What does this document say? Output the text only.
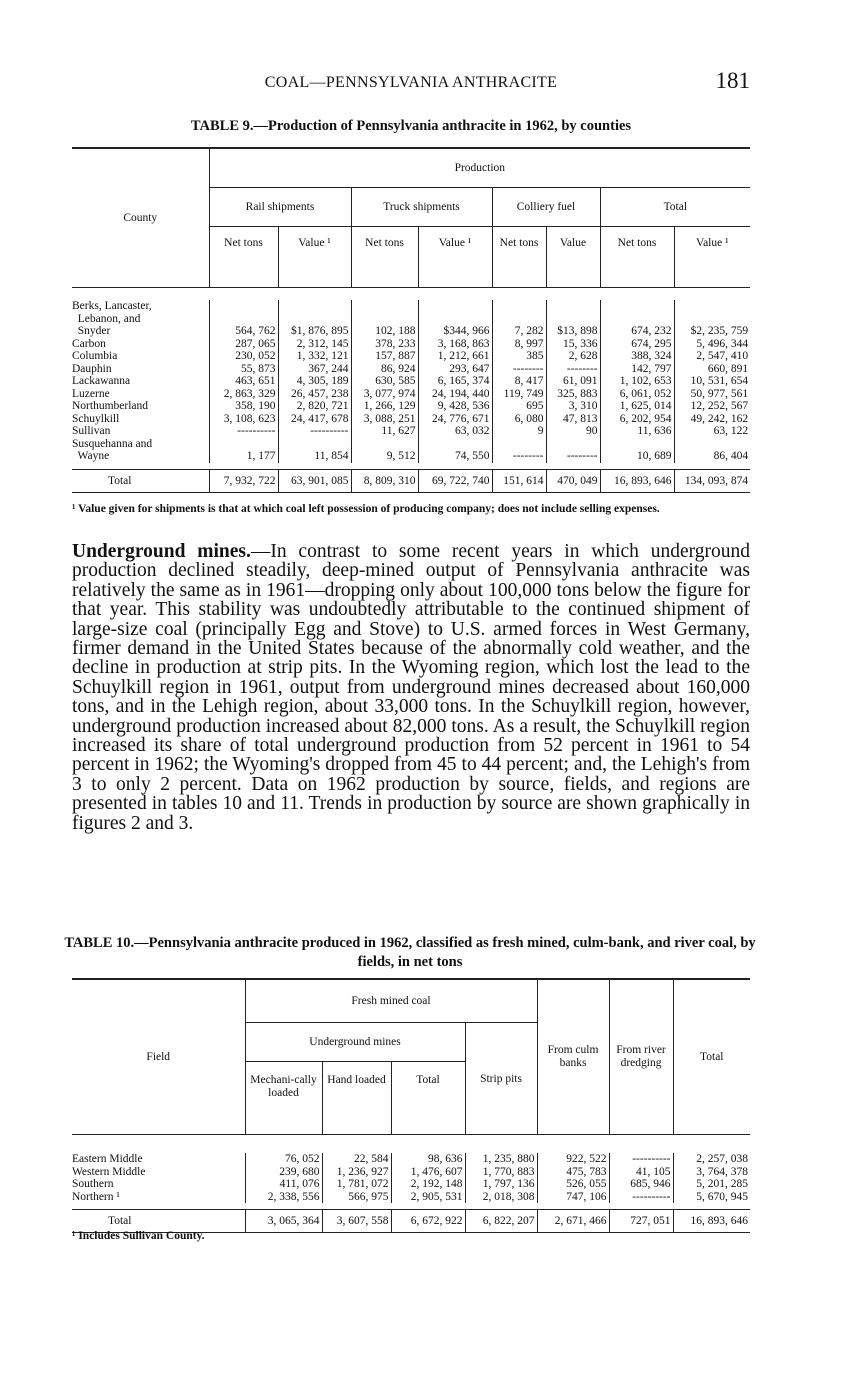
COAL—PENNSYLVANIA ANTHRACITE	181
TABLE 9.—Production of Pennsylvania anthracite in 1962, by counties
County	Production							
	Rail shipments		Truck shipments		Colliery fuel		Total	
	Net tons	Value ¹	Net tons	Value ¹	Net tons	Value	Net tons	Value ¹

Berks, Lancaster,								
Lebanon, and								
Snyder	564, 762	$1, 876, 895	102, 188	$344, 966	7, 282	$13, 898	674, 232	$2, 235, 759
Carbon	287, 065	2, 312, 145	378, 233	3, 168, 863	8, 997	15, 336	674, 295	5, 496, 344
Columbia	230, 052	1, 332, 121	157, 887	1, 212, 661	385	2, 628	388, 324	2, 547, 410
Dauphin	55, 873	367, 244	86, 924	293, 647	--------	--------	142, 797	660, 891
Lackawanna	463, 651	4, 305, 189	630, 585	6, 165, 374	8, 417	61, 091	1, 102, 653	10, 531, 654
Luzerne	2, 863, 329	26, 457, 238	3, 077, 974	24, 194, 440	119, 749	325, 883	6, 061, 052	50, 977, 561
Northumberland	358, 190	2, 820, 721	1, 266, 129	9, 428, 536	695	3, 310	1, 625, 014	12, 252, 567
Schuylkill	3, 108, 623	24, 417, 678	3, 088, 251	24, 776, 671	6, 080	47, 813	6, 202, 954	49, 242, 162
Sullivan	----------	----------	11, 627	63, 032	9	90	11, 636	63, 122
Susquehanna and								
Wayne	1, 177	11, 854	9, 512	74, 550	--------	--------	10, 689	86, 404

Total	7, 932, 722	63, 901, 085	8, 809, 310	69, 722, 740	151, 614	470, 049	16, 893, 646	134, 093, 874
¹ Value given for shipments is that at which coal left possession of producing company; does not include selling expenses.
Underground mines.—In contrast to some recent years in which underground production declined steadily, deep-mined output of Pennsylvania anthracite was relatively the same as in 1961—dropping only about 100,000 tons below the figure for that year. This stability was undoubtedly attributable to the continued shipment of large-size coal (principally Egg and Stove) to U.S. armed forces in West Germany, firmer demand in the United States because of the abnormally cold weather, and the decline in production at strip pits. In the Wyoming region, which lost the lead to the Schuylkill region in 1961, output from underground mines decreased about 160,000 tons, and in the Lehigh region, about 33,000 tons. In the Schuylkill region, however, underground production increased about 82,000 tons. As a result, the Schuylkill region increased its share of total underground production from 52 percent in 1961 to 54 percent in 1962; the Wyoming's dropped from 45 to 44 percent; and, the Lehigh's from 3 to only 2 percent. Data on 1962 production by source, fields, and regions are presented in tables 10 and 11. Trends in production by source are shown graphically in figures 2 and 3.
TABLE 10.—Pennsylvania anthracite produced in 1962, classified as fresh mined, culm-bank, and river coal, by fields, in net tons
Field	Fresh mined coal				From culm banks	From river dredging	Total
	Underground mines			Strip pits			
	Mechani-cally loaded	Hand loaded	Total				

Eastern Middle	76, 052	22, 584	98, 636	1, 235, 880	922, 522	----------	2, 257, 038
Western Middle	239, 680	1, 236, 927	1, 476, 607	1, 770, 883	475, 783	41, 105	3, 764, 378
Southern	411, 076	1, 781, 072	2, 192, 148	1, 797, 136	526, 055	685, 946	5, 201, 285
Northern ¹	2, 338, 556	566, 975	2, 905, 531	2, 018, 308	747, 106	----------	5, 670, 945

Total	3, 065, 364	3, 607, 558	6, 672, 922	6, 822, 207	2, 671, 466	727, 051	16, 893, 646
¹ Includes Sullivan County.
